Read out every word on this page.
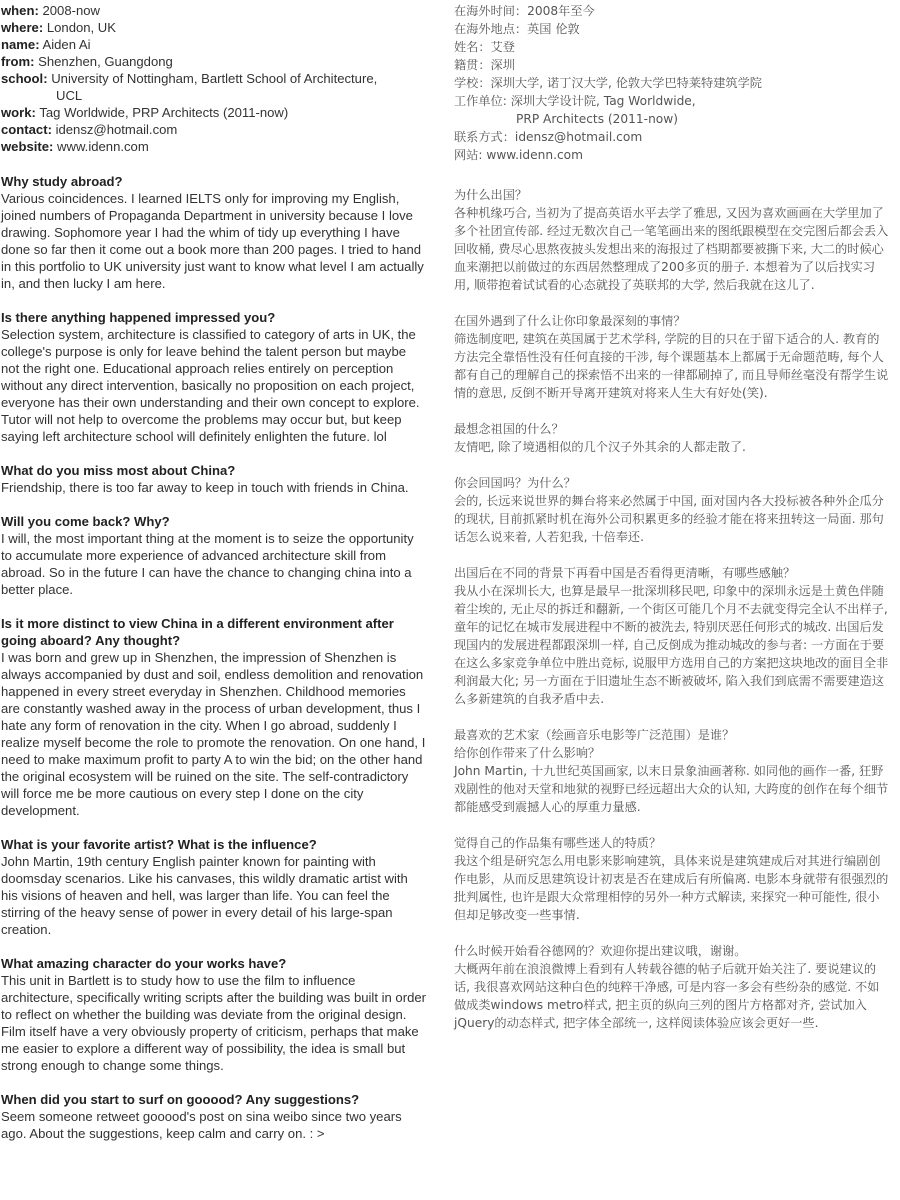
when: 2008-now

where: London, UK

name: Aiden Ai

from: Shenzhen, Guangdong

school: University of Nottingham, Bartlett School of Architecture,

UCL

work: Tag Worldwide, PRP Architects (2011-now)

contact: idensz@hotmail.com

website: www.idenn.com

Why study abroad?

Various coincidences. I learned IELTS only for improving my English, joined numbers of Propaganda Department in university because I love drawing. Sophomore year I had the whim of tidy up everything I have done so far then it come out a book more than 200 pages. I tried to hand in this portfolio to UK university just want to know what level I am actually in, and then lucky I am here.

Is there anything happened impressed you?

Selection system, architecture is classified to category of arts in UK, the college's purpose is only for leave behind the talent person but maybe not the right one. Educational approach relies entirely on perception without any direct intervention, basically no proposition on each project, everyone has their own understanding and their own concept to explore. Tutor will not help to overcome the problems may occur but, but keep saying left architecture school will definitely enlighten the future. lol

What do you miss most about China?

Friendship, there is too far away to keep in touch with friends in China.

Will you come back? Why?

I will, the most important thing at the moment is to seize the opportunity to accumulate more experience of advanced architecture skill from abroad. So in the future I can have the chance to changing china into a better place.

Is it more distinct to view China in a different environment after going aboard? Any thought?

I was born and grew up in Shenzhen, the impression of Shenzhen is always accompanied by dust and soil, endless demolition and renovation happened in every street everyday in Shenzhen. Childhood memories are constantly washed away in the process of urban development, thus I hate any form of renovation in the city. When I go abroad, suddenly I realize myself become the role to promote the renovation. On one hand, I need to make maximum profit to party A to win the bid; on the other hand the original ecosystem will be ruined on the site. The self-contradictory will force me be more cautious on every step I done on the city development.

What is your favorite artist? What is the influence?

John Martin, 19th century English painter known for painting with doomsday scenarios. Like his canvases, this wildly dramatic artist with his visions of heaven and hell, was larger than life. You can feel the stirring of the heavy sense of power in every detail of his large-span creation.

What amazing character do your works have?

This unit in Bartlett is to study how to use the film to influence architecture, specifically writing scripts after the building was built in order to reflect on whether the building was deviate from the original design. Film itself have a very obviously property of criticism, perhaps that make me easier to explore a different way of possibility, the idea is small but strong enough to change some things.

When did you start to surf on gooood? Any suggestions?

Seem someone retweet gooood's post on sina weibo since two years ago. About the suggestions, keep calm and carry on. : >

在海外时间：2008年至今

在海外地点：英国 伦敦

姓名：艾登

籍贯：深圳

学校：深圳大学, 诺丁汉大学, 伦敦大学巴特莱特建筑学院

工作单位: 深圳大学设计院, Tag Worldwide,

PRP Architects (2011-now)

联系方式：idensz@hotmail.com

网站: www.idenn.com

为什么出国？

各种机缘巧合, 当初为了提高英语水平去学了雅思, 又因为喜欢画画在大学里加了多个社团宣传部. 经过无数次自己一笔笔画出来的图纸跟模型在交完图后都会丢入回收桶, 费尽心思熬夜披头发想出来的海报过了档期都要被撕下来, 大二的时候心血来潮把以前做过的东西居然整理成了200多页的册子. 本想着为了以后找实习用, 顺带抱着试试看的心态就投了英联邦的大学, 然后我就在这儿了.

在国外遇到了什么让你印象最深刻的事情？

筛选制度吧, 建筑在英国属于艺术学科, 学院的目的只在于留下适合的人. 教育的方法完全靠悟性没有任何直接的干涉, 每个课题基本上都属于无命题范畴, 每个人都有自己的理解自己的探索悟不出来的一律都刷掉了, 而且导师丝毫没有帮学生说情的意思, 反倒不断开导离开建筑对将来人生大有好处(笑).

最想念祖国的什么？

友情吧, 除了境遇相似的几个汉子外其余的人都走散了.

你会回国吗？为什么？

会的, 长远来说世界的舞台将来必然属于中国, 面对国内各大投标被各种外企瓜分的现状, 目前抓紧时机在海外公司积累更多的经验才能在将来扭转这一局面. 那句话怎么说来着, 人若犯我, 十倍奉还.

出国后在不同的背景下再看中国是否看得更清晰，有哪些感触？

我从小在深圳长大, 也算是最早一批深圳移民吧, 印象中的深圳永远是土黄色伴随着尘埃的, 无止尽的拆迁和翻新, 一个街区可能几个月不去就变得完全认不出样子, 童年的记忆在城市发展进程中不断的被洗去, 特别厌恶任何形式的城改. 出国后发现国内的发展进程都跟深圳一样, 自己反倒成为推动城改的参与者: 一方面在于要在这么多家竞争单位中胜出竞标, 说服甲方选用自己的方案把这块地改的面目全非利润最大化; 另一方面在于旧遗址生态不断被破坏, 陷入我们到底需不需要建造这么多新建筑的自我矛盾中去.

最喜欢的艺术家（绘画音乐电影等广泛范围）是谁？
给你创作带来了什么影响？

John Martin, 十九世纪英国画家, 以末日景象油画著称. 如同他的画作一番, 狂野戏剧性的他对天堂和地狱的视野已经远超出大众的认知, 大跨度的创作在每个细节都能感受到震撼人心的厚重力量感.

觉得自己的作品集有哪些迷人的特质？

我这个组是研究怎么用电影来影响建筑，具体来说是建筑建成后对其进行编剧创作电影，从而反思建筑设计初衷是否在建成后有所偏离. 电影本身就带有很强烈的批判属性, 也许是跟大众常理相悖的另外一种方式解读, 来探究一种可能性, 很小但却足够改变一些事情.

什么时候开始看谷德网的？欢迎你提出建议哦，谢谢。

大概两年前在浪浪微博上看到有人转载谷德的帖子后就开始关注了. 要说建议的话, 我很喜欢网站这种白色的纯粹干净感, 可是内容一多会有些纷杂的感觉. 不如做成类windows metro样式, 把主页的纵向三列的图片方格都对齐, 尝试加入jQuery的动态样式, 把字体全部统一, 这样阅读体验应该会更好一些.
